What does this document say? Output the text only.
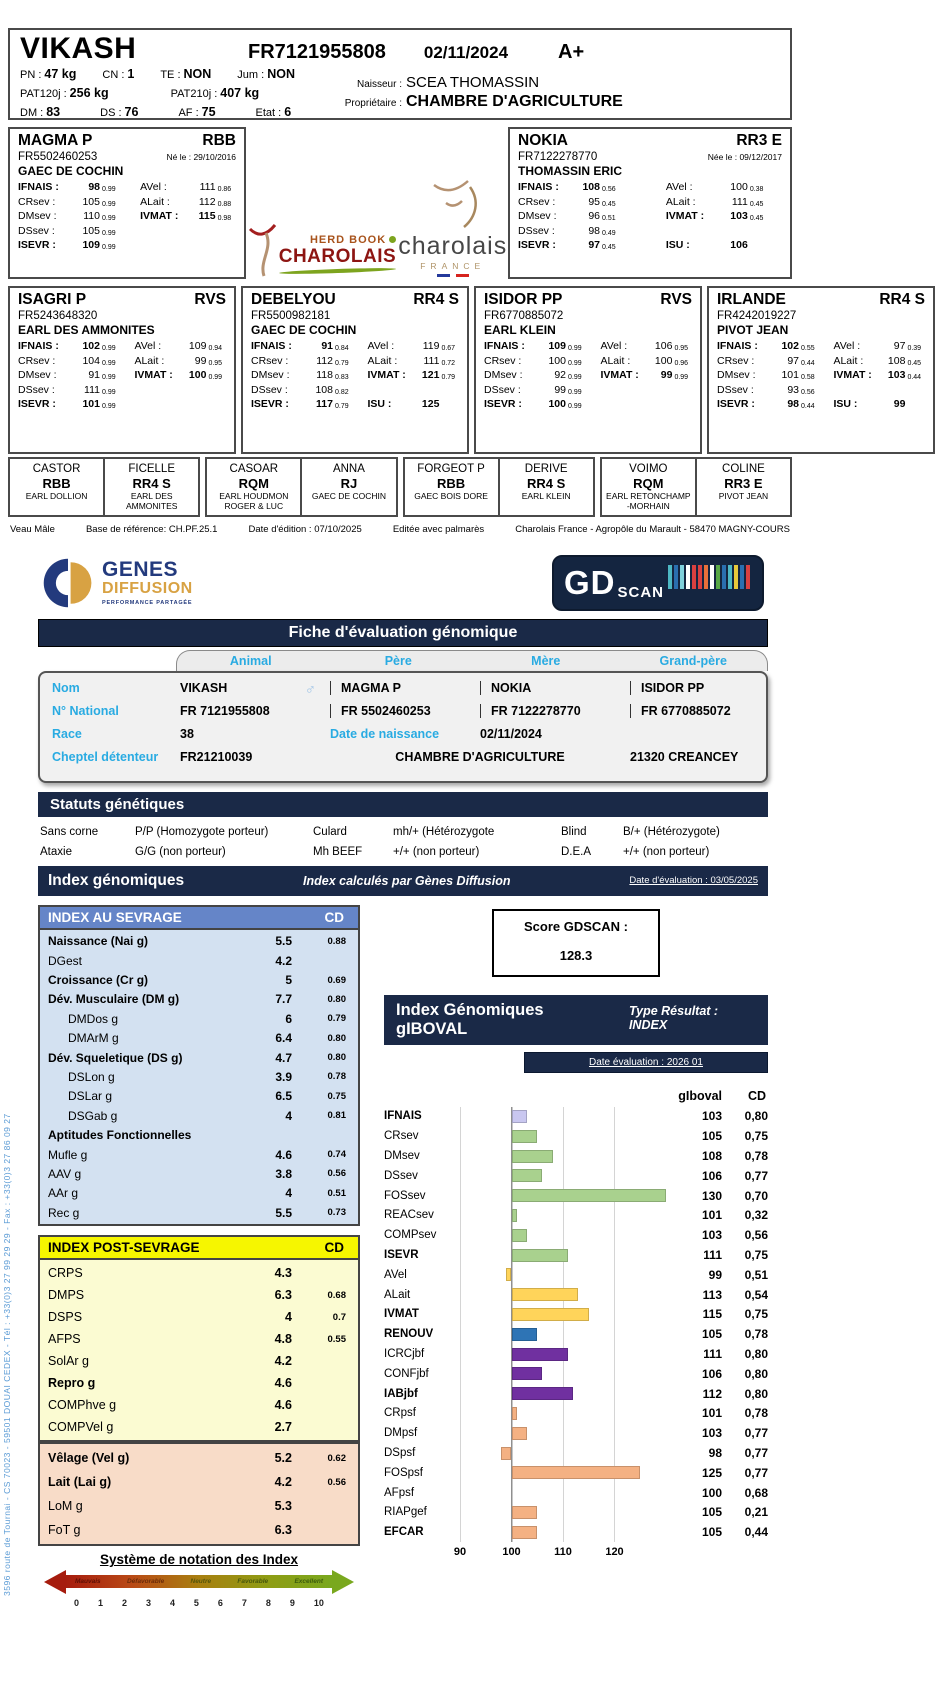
3596 route de Tournai - CS 70023 - 59501 DOUAI CEDEX - Tél : +33(0)3 27 99 29 29 - Fax : +33(0)3 27 86 09 27
VIKASH	FR7121955808 02/11/2024	A+
PN : 47 kg CN : 1 TE : NON Jum : NON
PAT120j : 256 kg	PAT210j : 407 kg
DM : 83	DS : 76	AF : 75	Etat : 6
Naisseur : SCEA THOMASSIN
Propriétaire : CHAMBRE D'AGRICULTURE
MAGMA P	RBB
FR5502460253	Né le : 29/10/2016
GAEC DE COCHIN
IFNAIS :	98 0.99
CRsev :	105 0.99
DMsev :	110 0.99
DSsev :	105 0.99
ISEVR :	109 0.99
AVel :	111 0.86
ALait :	112 0.88
IVMAT :	115 0.98
HERD BOOK
CHAROLAIS charolais
FRANCE
NOKIA	RR3 E
FR7122278770	Née le : 09/12/2017
THOMASSIN ERIC
IFNAIS :	108 0.56
CRsev :	95 0.45
DMsev :	96 0.51
DSsev :	98 0.49
ISEVR :	97 0.45
AVel :	100 0.38
ALait :	111 0.45
IVMAT :	103 0.45
ISU :	106
ISAGRI P	RVS
FR5243648320
EARL DES AMMONITES
IFNAIS :	102 0.99
CRsev :	104 0.99
DMsev :	91 0.99
DSsev :	111 0.99
ISEVR :	101 0.99
AVel :	109 0.94
ALait :	99 0.95
IVMAT :	100 0.99
DEBELYOU	RR4 S
FR5500982181
GAEC DE COCHIN
IFNAIS :	91 0.84
CRsev :	112 0.79
DMsev :	118 0.83
DSsev :	108 0.82
ISEVR :	117 0.79
AVel :	119 0.67
ALait :	111 0.72
IVMAT :	121 0.79
ISU :	125
ISIDOR PP	RVS
FR6770885072
EARL KLEIN
IFNAIS :	109 0.99
CRsev :	100 0.99
DMsev :	92 0.99
DSsev :	99 0.99
ISEVR :	100 0.99
AVel :	106 0.95
ALait :	100 0.96
IVMAT :	99 0.99
IRLANDE	RR4 S
FR4242019227
PIVOT JEAN
IFNAIS :	102 0.55
CRsev :	97 0.44
DMsev :	101 0.58
DSsev :	93 0.56
ISEVR :	98 0.44
AVel :	97 0.39
ALait :	108 0.45
IVMAT :	103 0.44
ISU :	99
CASTOR
RBB
EARL DOLLION
FICELLE
RR4 S
EARL DES AMMONITES
CASOAR
RQM
EARL HOUDMON ROGER & LUC
ANNA
RJ
GAEC DE COCHIN
FORGEOT P
RBB
GAEC BOIS DORE
DERIVE
RR4 S
EARL KLEIN
VOIMO
RQM
EARL RETONCHAMP -MORHAIN
COLINE
RR3 E
PIVOT JEAN
Veau Mâle	Base de référence: CH.PF.25.1	Date d'édition : 07/10/2025	Editée avec palmarès	Charolais France - Agropôle du Marault - 58470 MAGNY-COURS
GENES
DIFFUSION
PERFORMANCE PARTAGÉE
GD SCAN
Fiche d'évaluation génomique
Animal	Père	Mère	Grand-père
Nom	VIKASH	♂	MAGMA P	NOKIA	ISIDOR PP
N° National	FR 7121955808	FR 5502460253	FR 7122278770	FR 6770885072
Race	38	Date de naissance	02/11/2024
Cheptel détenteur	FR21210039	CHAMBRE D'AGRICULTURE	21320 CREANCEY
Statuts génétiques
Sans corne	P/P (Homozygote porteur)	Culard	mh/+ (Hétérozygote	Blind	B/+ (Hétérozygote)
Ataxie	G/G (non porteur)	Mh BEEF	+/+ (non porteur)	D.E.A	+/+ (non porteur)
Index génomiques	Index calculés par Gènes Diffusion	Date d'évaluation : 03/05/2025
INDEX AU SEVRAGE	CD
Naissance (Nai g)	5.5	0.88
DGest	4.2
Croissance (Cr g)	5	0.69
Dév. Musculaire (DM g)	7.7	0.80
DMDos g	6	0.79
DMArM g	6.4	0.80
Dév. Squeletique (DS g)	4.7	0.80
DSLon g	3.9	0.78
DSLar g	6.5	0.75
DSGab g	4	0.81
Aptitudes Fonctionnelles
Mufle g	4.6	0.74
AAV g	3.8	0.56
AAr g	4	0.51
Rec g	5.5	0.73
INDEX POST-SEVRAGE	CD
CRPS	4.3
DMPS	6.3	0.68
DSPS	4	0.7
AFPS	4.8	0.55
SolAr g	4.2
Repro g	4.6
COMPhve g	4.6
COMPVel g	2.7
Vêlage (Vel g)	5.2	0.62
Lait (Lai g)	4.2	0.56
LoM g	5.3
FoT g	6.3
Système de notation des Index
Mauvais	Défavorable	Neutre	Favorable	Excellent
0 1 2 3 4 5 6 7 8 9 10
Score GDSCAN :
128.3
Index Génomiques gIBOVAL
Type Résultat : INDEX
Date évaluation : 2026 01
gIboval	CD
IFNAIS	103	0,80
CRsev	105	0,75
DMsev	108	0,78
DSsev	106	0,77
FOSsev	130	0,70
REACsev	101	0,32
COMPsev	103	0,56
ISEVR	111	0,75
AVel	99	0,51
ALait	113	0,54
IVMAT	115	0,75
RENOUV	105	0,78
ICRCjbf	111	0,80
CONFjbf	106	0,80
IABjbf	112	0,80
CRpsf	101	0,78
DMpsf	103	0,77
DSpsf	98	0,77
FOSpsf	125	0,77
AFpsf	100	0,68
RIAPgef	105	0,21
EFCAR	105	0,44
90	100	110	120
